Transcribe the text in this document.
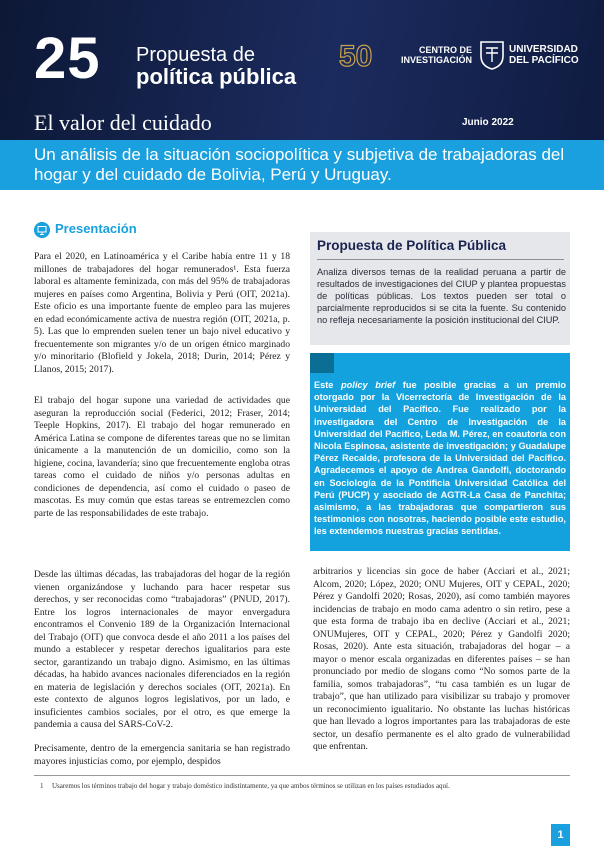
25 Propuesta de
política pública
50	CENTRO DE
INVESTIGACIÓN
UNIVERSIDAD
DEL PACÍFICO
El valor del cuidado	Junio 2022
Un análisis de la situación sociopolítica y subjetiva de trabajadoras del hogar y del cuidado de Bolivia, Perú y Uruguay.
Presentación

Para el 2020, en Latinoamérica y el Caribe había entre 11 y 18 millones de trabajadores del hogar remunerados¹. Esta fuerza laboral es altamente feminizada, con más del 95% de trabajadoras mujeres en países como Argentina, Bolivia y Perú (OIT, 2021a). Este oficio es una importante fuente de empleo para las mujeres en edad económicamente activa de nuestra región (OIT, 2021a, p. 5). Las que lo emprenden suelen tener un bajo nivel educativo y frecuentemente son migrantes y/o de un origen étnico marginado y/o minoritario (Blofield y Jokela, 2018; Durin, 2014; Pérez y Llanos, 2015; 2017).

El trabajo del hogar supone una variedad de actividades que aseguran la reproducción social (Federici, 2012; Fraser, 2014; Teeple Hopkins, 2017). El trabajo del hogar remunerado en América Latina se compone de diferentes tareas que no se limitan únicamente a la manutención de un domicilio, como son la higiene, cocina, lavandería; sino que frecuentemente engloba otras tareas como el cuidado de niños y/o personas adultas en condiciones de dependencia, así como el cuidado o paseo de mascotas. Es muy común que estas tareas se entremezclen como parte de las responsabilidades de este trabajo.

Desde las últimas décadas, las trabajadoras del hogar de la región vienen organizándose y luchando para hacer respetar sus derechos, y ser reconocidas como “trabajadoras” (PNUD, 2017). Entre los logros internacionales de mayor envergadura encontramos el Convenio 189 de la Organización Internacional del Trabajo (OIT) que convoca desde el año 2011 a los países del mundo a establecer y respetar derechos igualitarios para este sector, garantizando un trabajo digno. Asimismo, en las últimas décadas, ha habido avances nacionales diferenciados en la región en materia de legislación y derechos sociales (OIT, 2021a). En este contexto de algunos logros legislativos, por un lado, e insuficientes cambios sociales, por el otro, es que emerge la pandemia a causa del SARS-CoV-2.

Precisamente, dentro de la emergencia sanitaria se han registrado mayores injusticias como, por ejemplo, despidos

Propuesta de Política Pública

Analiza diversos temas de la realidad peruana a partir de resultados de investigaciones del CIUP y plantea propuestas de políticas públicas. Los textos pueden ser total o parcialmente reproducidos si se cita la fuente. Su contenido no refleja necesariamente la posición institucional del CIUP.

Este policy brief fue posible gracias a un premio otorgado por la Vicerrectoría de Investigación de la Universidad del Pacífico. Fue realizado por la investigadora del Centro de Investigación de la Universidad del Pacífico, Leda M. Pérez, en coautoría con Nicola Espinosa, asistente de investigación; y Guadalupe Pérez Recalde, profesora de la Universidad del Pacífico. Agradecemos el apoyo de Andrea Gandolfi, doctorando en Sociología de la Pontificia Universidad Católica del Perú (PUCP) y asociado de AGTR-La Casa de Panchita; asimismo, a las trabajadoras que compartieron sus testimonios con nosotras, haciendo posible este estudio, les extendemos nuestras gracias sentidas.

arbitrarios y licencias sin goce de haber (Acciari et al., 2021; Alcom, 2020; López, 2020; ONU Mujeres, OIT y CEPAL, 2020; Pérez y Gandolfi 2020; Rosas, 2020), así como también mayores incidencias de trabajo en modo cama adentro o sin retiro, pese a que esta forma de trabajo iba en declive (Acciari et al., 2021; ONUMujeres, OIT y CEPAL, 2020; Pérez y Gandolfi 2020; Rosas, 2020). Ante esta situación, trabajadoras del hogar – a mayor o menor escala organizadas en diferentes países – se han pronunciado por medio de slogans como “No somos parte de la familia, somos trabajadoras”, “tu casa también es un lugar de trabajo”, que han utilizado para visibilizar su trabajo y promover un reconocimiento igualitario. No obstante las luchas históricas que han llevado a logros importantes para las trabajadoras de este sector, un desafío permanente es el alto grado de vulnerabilidad que enfrentan.

1 Usaremos los términos trabajo del hogar y trabajo doméstico indistintamente, ya que ambos términos se utilizan en los países estudiados aquí.
1
